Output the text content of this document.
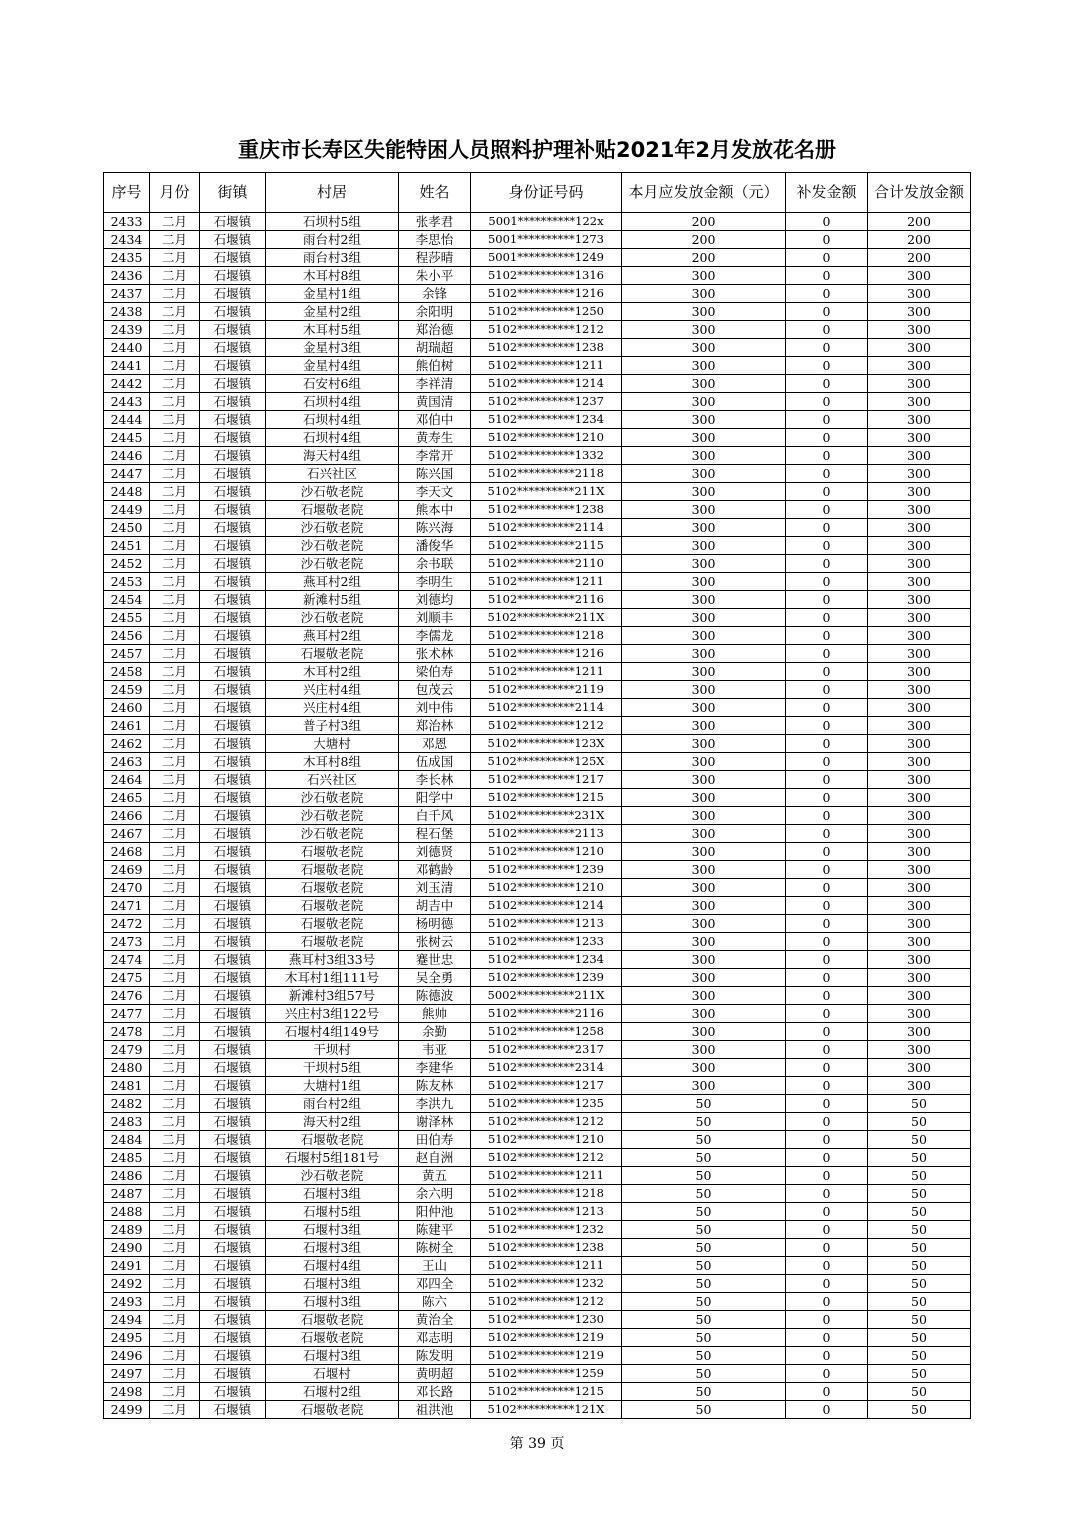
重庆市长寿区失能特困人员照料护理补贴2021年2月发放花名册
序号	月份	街镇	村居	姓名	身份证号码	本月应发放金额（元）	补发金额	合计发放金额
2433	二月	石堰镇	石坝村5组	张孝君	5001**********122x	200	0	200
2434	二月	石堰镇	雨台村2组	李思怡	5001**********1273	200	0	200
2435	二月	石堰镇	雨台村3组	程莎晴	5001**********1249	200	0	200
2436	二月	石堰镇	木耳村8组	朱小平	5102**********1316	300	0	300
2437	二月	石堰镇	金星村1组	余锋	5102**********1216	300	0	300
2438	二月	石堰镇	金星村2组	余阳明	5102**********1250	300	0	300
2439	二月	石堰镇	木耳村5组	郑治德	5102**********1212	300	0	300
2440	二月	石堰镇	金星村3组	胡瑞超	5102**********1238	300	0	300
2441	二月	石堰镇	金星村4组	熊伯树	5102**********1211	300	0	300
2442	二月	石堰镇	石安村6组	李祥清	5102**********1214	300	0	300
2443	二月	石堰镇	石坝村4组	黄国清	5102**********1237	300	0	300
2444	二月	石堰镇	石坝村4组	邓伯中	5102**********1234	300	0	300
2445	二月	石堰镇	石坝村4组	黄寿生	5102**********1210	300	0	300
2446	二月	石堰镇	海天村4组	李常开	5102**********1332	300	0	300
2447	二月	石堰镇	石兴社区	陈兴国	5102**********2118	300	0	300
2448	二月	石堰镇	沙石敬老院	李天文	5102**********211X	300	0	300
2449	二月	石堰镇	石堰敬老院	熊本中	5102**********1238	300	0	300
2450	二月	石堰镇	沙石敬老院	陈兴海	5102**********2114	300	0	300
2451	二月	石堰镇	沙石敬老院	潘俊华	5102**********2115	300	0	300
2452	二月	石堰镇	沙石敬老院	余书联	5102**********2110	300	0	300
2453	二月	石堰镇	燕耳村2组	李明生	5102**********1211	300	0	300
2454	二月	石堰镇	新滩村5组	刘德均	5102**********2116	300	0	300
2455	二月	石堰镇	沙石敬老院	刘顺丰	5102**********211X	300	0	300
2456	二月	石堰镇	燕耳村2组	李儒龙	5102**********1218	300	0	300
2457	二月	石堰镇	石堰敬老院	张术林	5102**********1216	300	0	300
2458	二月	石堰镇	木耳村2组	梁伯寿	5102**********1211	300	0	300
2459	二月	石堰镇	兴庄村4组	包茂云	5102**********2119	300	0	300
2460	二月	石堰镇	兴庄村4组	刘中伟	5102**********2114	300	0	300
2461	二月	石堰镇	普子村3组	郑治林	5102**********1212	300	0	300
2462	二月	石堰镇	大塘村	邓恩	5102**********123X	300	0	300
2463	二月	石堰镇	木耳村8组	伍成国	5102**********125X	300	0	300
2464	二月	石堰镇	石兴社区	李长林	5102**********1217	300	0	300
2465	二月	石堰镇	沙石敬老院	阳学中	5102**********1215	300	0	300
2466	二月	石堰镇	沙石敬老院	白千风	5102**********231X	300	0	300
2467	二月	石堰镇	沙石敬老院	程石堡	5102**********2113	300	0	300
2468	二月	石堰镇	石堰敬老院	刘德贤	5102**********1210	300	0	300
2469	二月	石堰镇	石堰敬老院	邓鹤龄	5102**********1239	300	0	300
2470	二月	石堰镇	石堰敬老院	刘玉清	5102**********1210	300	0	300
2471	二月	石堰镇	石堰敬老院	胡吉中	5102**********1214	300	0	300
2472	二月	石堰镇	石堰敬老院	杨明德	5102**********1213	300	0	300
2473	二月	石堰镇	石堰敬老院	张树云	5102**********1233	300	0	300
2474	二月	石堰镇	燕耳村3组33号	蹇世忠	5102**********1234	300	0	300
2475	二月	石堰镇	木耳村1组111号	吴全勇	5102**********1239	300	0	300
2476	二月	石堰镇	新滩村3组57号	陈德波	5002**********211X	300	0	300
2477	二月	石堰镇	兴庄村3组122号	熊帅	5102**********2116	300	0	300
2478	二月	石堰镇	石堰村4组149号	余勤	5102**********1258	300	0	300
2479	二月	石堰镇	干坝村	韦亚	5102**********2317	300	0	300
2480	二月	石堰镇	干坝村5组	李建华	5102**********2314	300	0	300
2481	二月	石堰镇	大塘村1组	陈友林	5102**********1217	300	0	300
2482	二月	石堰镇	雨台村2组	李洪九	5102**********1235	50	0	50
2483	二月	石堰镇	海天村2组	谢泽林	5102**********1212	50	0	50
2484	二月	石堰镇	石堰敬老院	田伯寿	5102**********1210	50	0	50
2485	二月	石堰镇	石堰村5组181号	赵自洲	5102**********1212	50	0	50
2486	二月	石堰镇	沙石敬老院	黄五	5102**********1211	50	0	50
2487	二月	石堰镇	石堰村3组	余六明	5102**********1218	50	0	50
2488	二月	石堰镇	石堰村5组	阳仲池	5102**********1213	50	0	50
2489	二月	石堰镇	石堰村3组	陈建平	5102**********1232	50	0	50
2490	二月	石堰镇	石堰村3组	陈树全	5102**********1238	50	0	50
2491	二月	石堰镇	石堰村4组	王山	5102**********1211	50	0	50
2492	二月	石堰镇	石堰村3组	邓四全	5102**********1232	50	0	50
2493	二月	石堰镇	石堰村3组	陈六	5102**********1212	50	0	50
2494	二月	石堰镇	石堰敬老院	黄治全	5102**********1230	50	0	50
2495	二月	石堰镇	石堰敬老院	邓志明	5102**********1219	50	0	50
2496	二月	石堰镇	石堰村3组	陈发明	5102**********1219	50	0	50
2497	二月	石堰镇	石堰村	黄明超	5102**********1259	50	0	50
2498	二月	石堰镇	石堰村2组	邓长路	5102**********1215	50	0	50
2499	二月	石堰镇	石堰敬老院	祖洪池	5102**********121X	50	0	50
第 39 页
